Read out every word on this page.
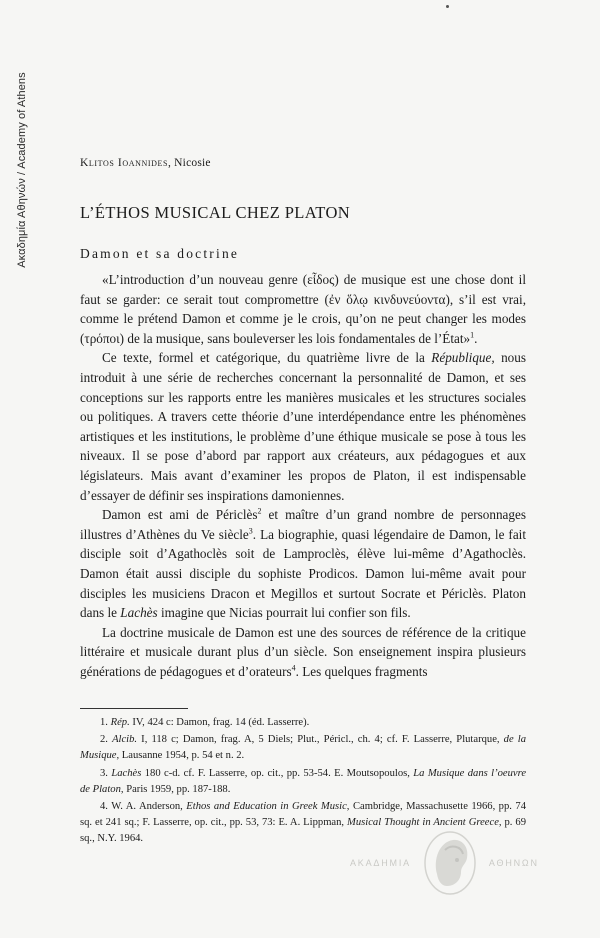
Ακαδημία Αθηνών / Academy of Athens	Klitos Ioannides, Nicosie
L’ÉTHOS MUSICAL CHEZ PLATON
Damon et sa doctrine

«L’introduction d’un nouveau genre (εἶδος) de musique est une chose dont il faut se garder: ce serait tout compromettre (ἐν ὅλῳ κινδυνεύοντα), s’il est vrai, comme le prétend Damon et comme je le crois, qu’on ne peut changer les modes (τρόποι) de la musique, sans bouleverser les lois fondamentales de l’État»$^1$.

Ce texte, formel et catégorique, du quatrième livre de la République, nous introduit à une série de recherches concernant la personnalité de Damon, et ses conceptions sur les rapports entre les manières musicales et les structures sociales ou politiques. A travers cette théorie d’une interdépendance entre les phénomènes artistiques et les institutions, le problème d’une éthique musicale se pose à tous les niveaux. Il se pose d’abord par rapport aux créateurs, aux pédagogues et aux législateurs. Mais avant d’examiner les propos de Platon, il est indispensable d’essayer de définir ses inspirations damoniennes.

Damon est ami de Périclès$^2$ et maître d’un grand nombre de personnages illustres d’Athènes du Ve siècle$^3$. La biographie, quasi légendaire de Damon, le fait disciple soit d’Agathoclès soit de Lamproclès, élève lui-même d’Agathoclès. Damon était aussi disciple du sophiste Prodicos. Damon lui-même avait pour disciples les musiciens Dracon et Megillos et surtout Socrate et Périclès. Platon dans le Lachès imagine que Nicias pourrait lui confier son fils.

La doctrine musicale de Damon est une des sources de référence de la critique littéraire et musicale durant plus d’un siècle. Son enseignement inspira plusieurs générations de pédagogues et d’orateurs$^4$. Les quelques fragments

1. Rép. IV, 424 c: Damon, frag. 14 (éd. Lasserre).

2. Alcib. I, 118 c; Damon, frag. A, 5 Diels; Plut., Péricl., ch. 4; cf. F. Lasserre, Plutarque, de la Musique, Lausanne 1954, p. 54 et n. 2.

3. Lachès 180 c-d. cf. F. Lasserre, op. cit., pp. 53-54. E. Moutsopoulos, La Musique dans l’oeuvre de Platon, Paris 1959, pp. 187-188.

4. W. A. Anderson, Ethos and Education in Greek Music, Cambridge, Massachusette 1966, pp. 74 sq. et 241 sq.; F. Lasserre, op. cit., pp. 53, 73: E. A. Lippman, Musical Thought in Ancient Greece, p. 69 sq., N.Y. 1964.

ΑΚΑΔΗΜΙΑ	ΑΘΗΝΩΝ
